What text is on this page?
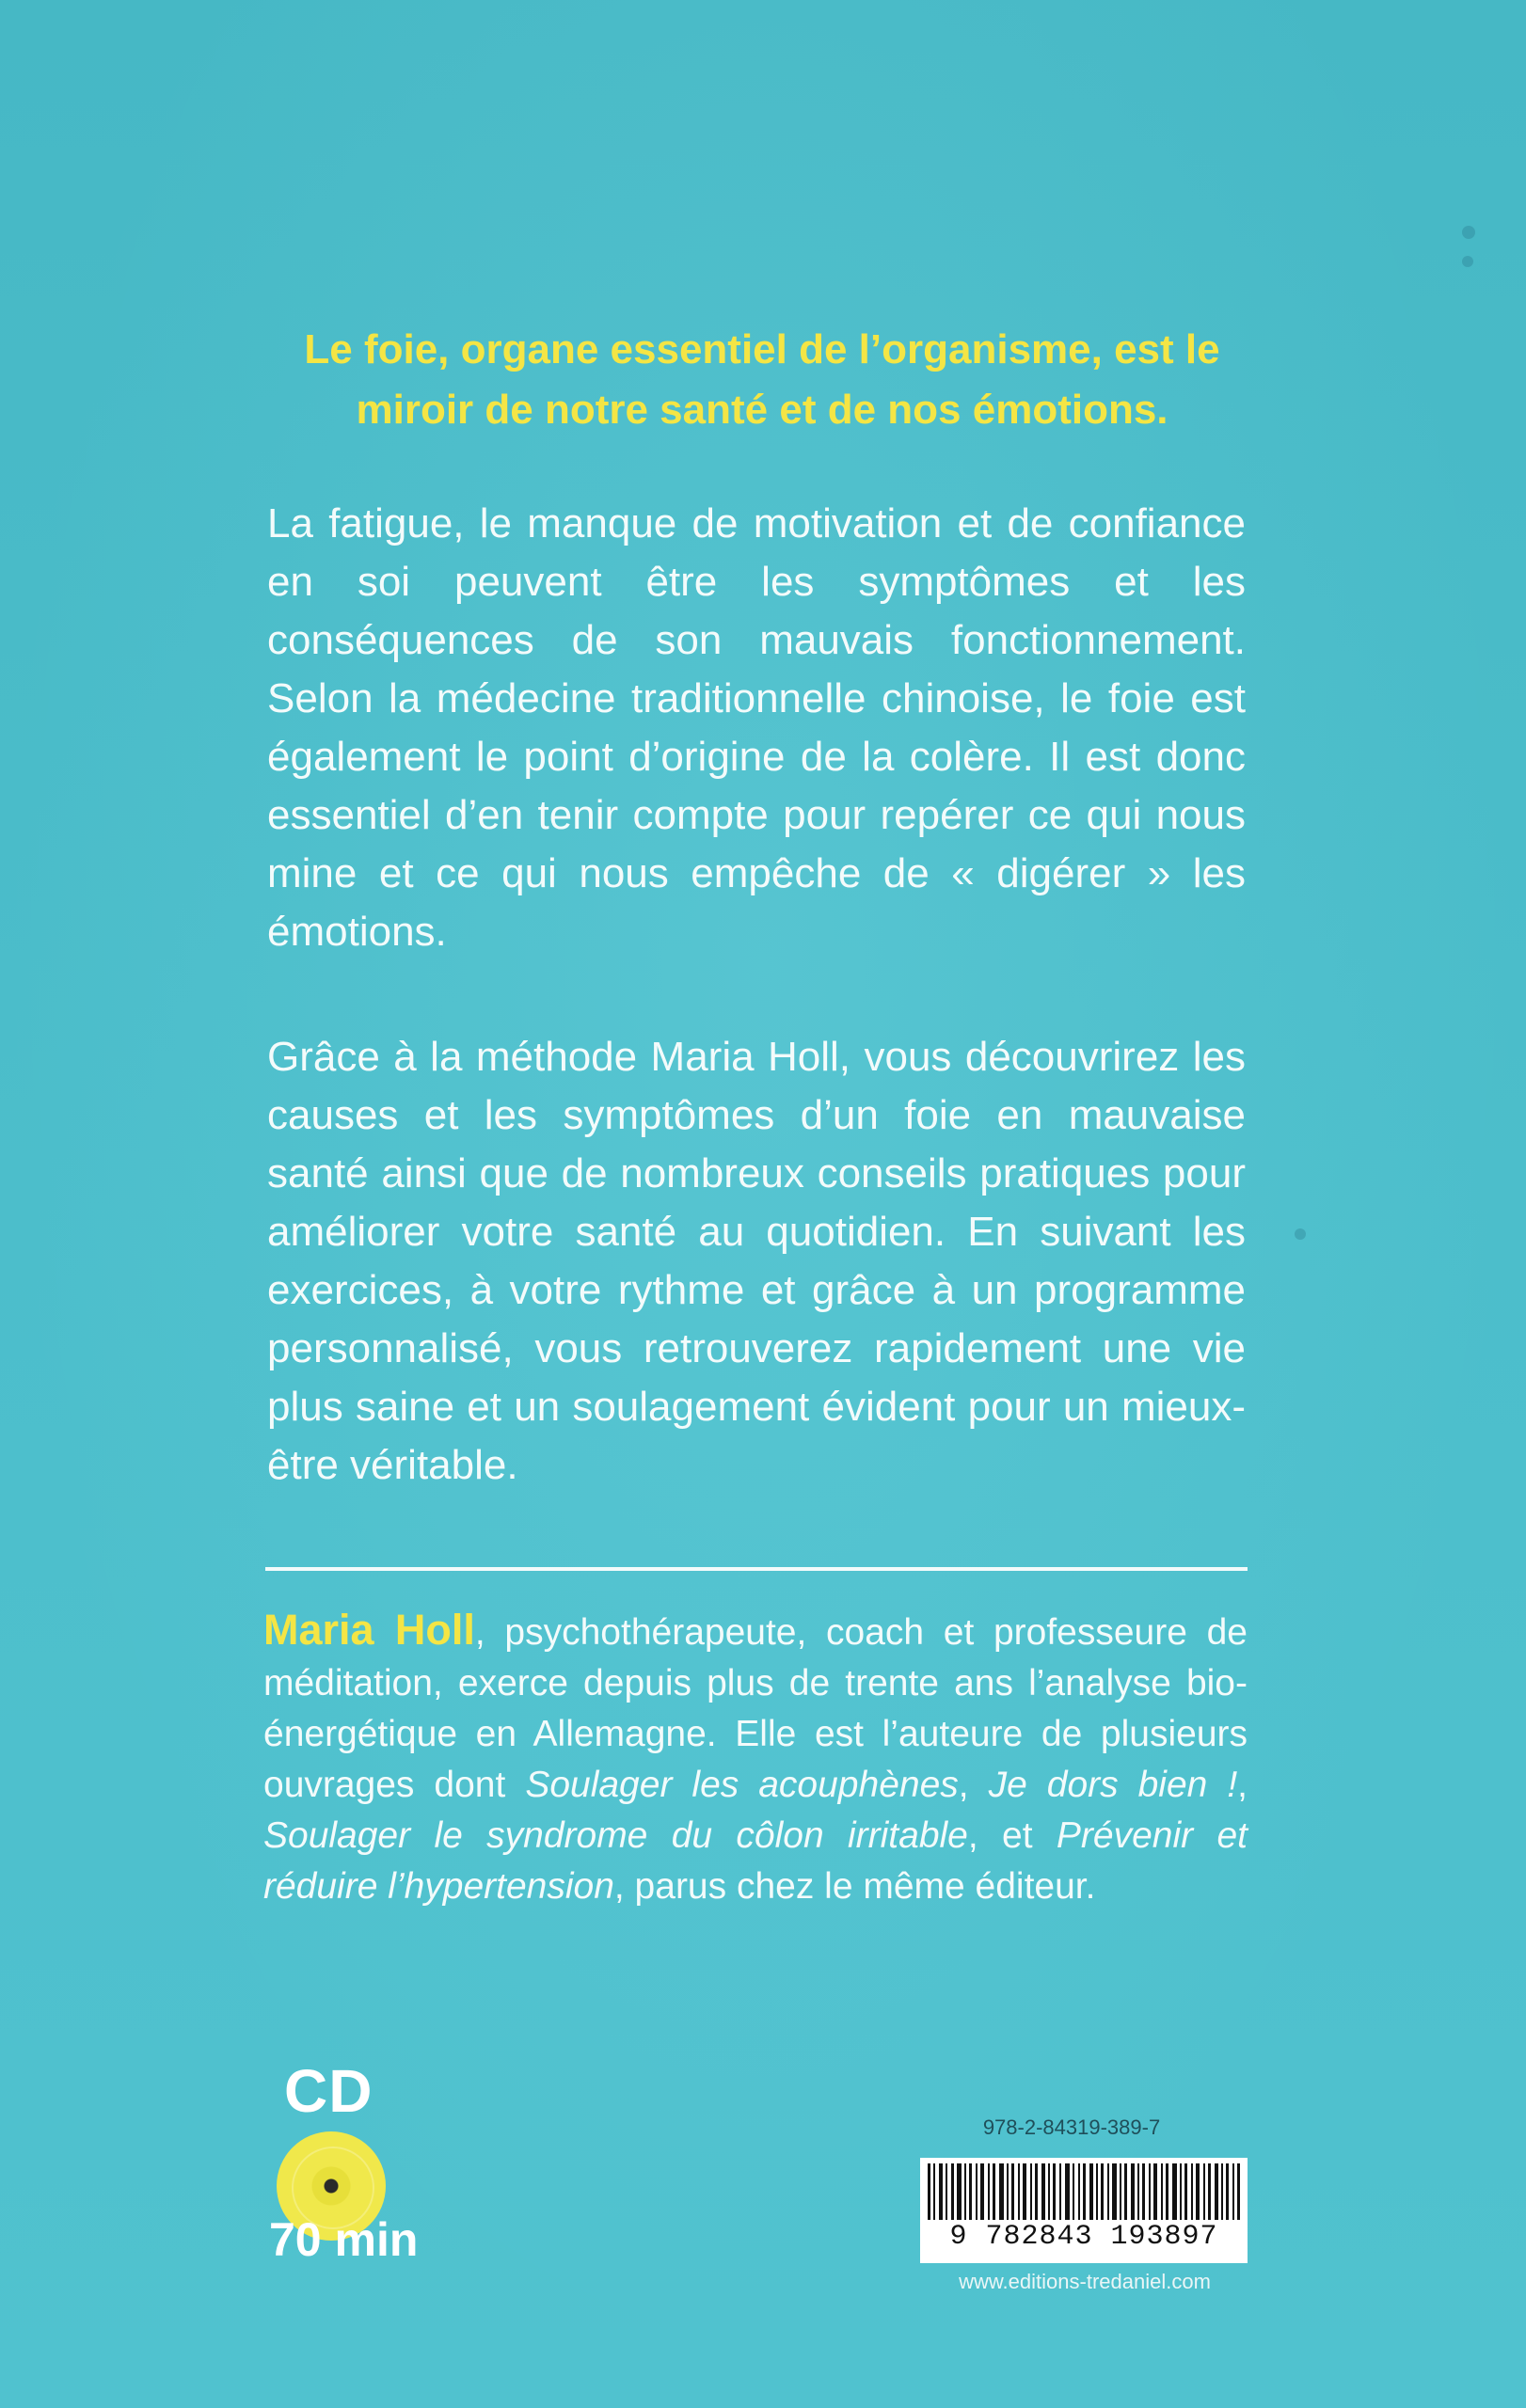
Le foie, organe essentiel de l’organisme, est le miroir de notre santé et de nos émotions.

La fatigue, le manque de motivation et de confiance en soi peuvent être les symptômes et les conséquences de son mauvais fonctionnement. Selon la médecine traditionnelle chinoise, le foie est également le point d’origine de la colère. Il est donc essentiel d’en tenir compte pour repérer ce qui nous mine et ce qui nous empêche de « digérer » les émotions.

Grâce à la méthode Maria Holl, vous découvrirez les causes et les symptômes d’un foie en mauvaise santé ainsi que de nombreux conseils pratiques pour améliorer votre santé au quotidien. En suivant les exercices, à votre rythme et grâce à un programme personnalisé, vous retrouverez rapidement une vie plus saine et un soulagement évident pour un mieux-être véritable.

Maria Holl, psychothérapeute, coach et professeure de méditation, exerce depuis plus de trente ans l’analyse bio-énergétique en Allemagne. Elle est l’auteure de plusieurs ouvrages dont Soulager les acouphènes, Je dors bien !, Soulager le syndrome du côlon irritable, et Prévenir et réduire l’hypertension, parus chez le même éditeur.

CD
70 min
978-2-84319-389-7
9 782843 193897
www.editions-tredaniel.com
